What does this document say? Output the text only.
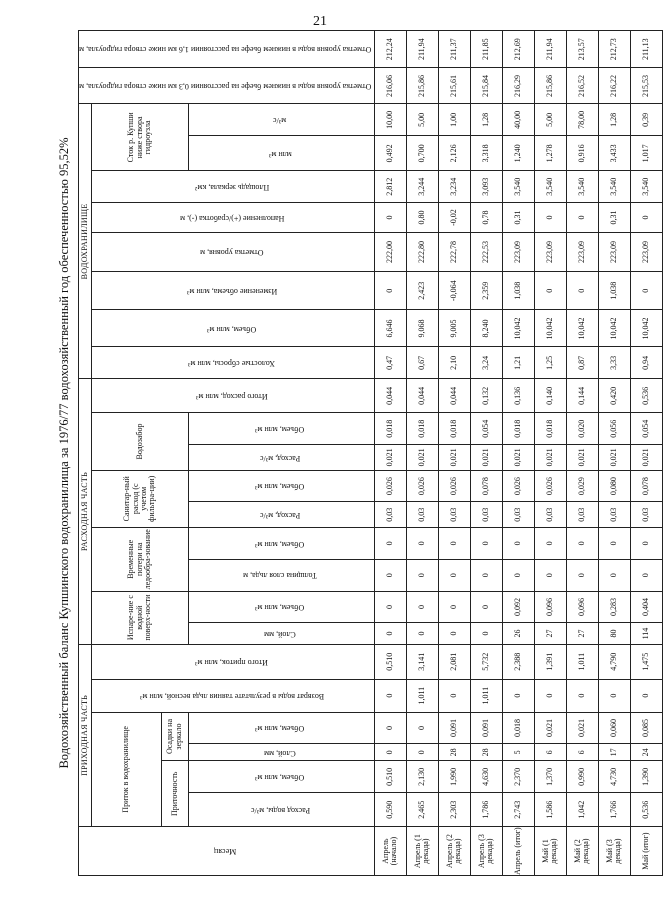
21
Водохозяйственный баланс Купшинского водохранилища за 1976/77 водохозяйственный год обеспеченностью 95,52%
Месяц	ПРИХОДНАЯ ЧАСТЬ						РАСХОДНАЯ ЧАСТЬ									ВОДОХРАНИЛИЩЕ								Отметка уровня воды в нижнем бьефе на расстоянии 0,3 км ниже створа гидроузла, м	Отметка уровня воды в нижнем бьефе на расстоянии 1,6 км ниже створа гидроузла, м
	Приток в водохранилище				Возврат воды в результате таяния льда весной, млн м³	Итого приток, млн м³	Испаре-ние с водной поверх-ности		Временные потери на ледообра-зование		Санитар-ный расход (с учетом фильтра-ции)		Водозабор		Итого расход, млн м³	Холостые сбросы, млн м³	Объем, млн м³	Изменение объема, млн м³	Отметка уровня, м	Наполнение (+)/сработка (-), м	Площадь зеркала, км²	Сток р. Купши ниже створа гидроузла			
	Приточность		Осадки на зеркало																						
	Расход воды, м³/с	Объем, млн м³	Слой, мм	Объем, млн м³			Слой, мм	Объем, млн м³	Толщина слоя льда, м	Объем, млн м³	Расход, м³/с	Объем, млн м³	Расход, м³/с	Объем, млн м³								млн м³	м³/с		
Апрель (начало)	0,590	0,510	0	0	0	0,510	0	0	0	0	0,03	0,026	0,021	0,018	0,044	0,47	6,646	0	222,00	0	2,812	0,492	10,00	216,06	212,24
Апрель (1 декада)	2,465	2,130	0	0	1,011	3,141	0	0	0	0	0,03	0,026	0,021	0,018	0,044	0,67	9,068	2,423	222,80	0,80	3,244	0,700	5,00	215,86	211,94
Апрель (2 декада)	2,303	1,990	28	0,091	0	2,081	0	0	0	0	0,03	0,026	0,021	0,018	0,044	2,10	9,005	-0,064	222,78	-0,02	3,234	2,126	1,00	215,61	211,37
Апрель (3 декада)	1,786	4,630	28	0,091	1,011	5,732	0	0	0	0	0,03	0,078	0,021	0,054	0,132	3,24	8,240	2,359	222,53	0,78	3,093	3,318	1,28	215,84	211,85
Апрель (итог)	2,743	2,370	5	0,018	0	2,388	26	0,092	0	0	0,03	0,026	0,021	0,018	0,136	1,21	10,042	1,038	223,09	0,31	3,540	1,240	40,00	216,29	212,69
Май (1 декада)	1,586	1,370	6	0,021	0	1,391	27	0,096	0	0	0,03	0,026	0,021	0,018	0,140	1,25	10,042	0	223,09	0	3,540	1,278	5,00	215,86	211,94
Май (2 декада)	1,042	0,990	6	0,021	0	1,011	27	0,096	0	0	0,03	0,029	0,021	0,020	0,144	0,87	10,042	0	223,09	0	3,540	0,916	78,00	216,52	213,57
Май (3 декада)	1,766	4,730	17	0,060	0	4,790	80	0,283	0	0	0,03	0,080	0,021	0,056	0,420	3,33	10,042	1,038	223,09	0,31	3,540	3,433	1,28	216,22	212,73
Май (итог)	0,536	1,390	24	0,085	0	1,475	114	0,404	0	0	0,03	0,078	0,021	0,054	0,536	0,94	10,042	0	223,09	0	3,540	1,017	0,39	215,53	211,13
